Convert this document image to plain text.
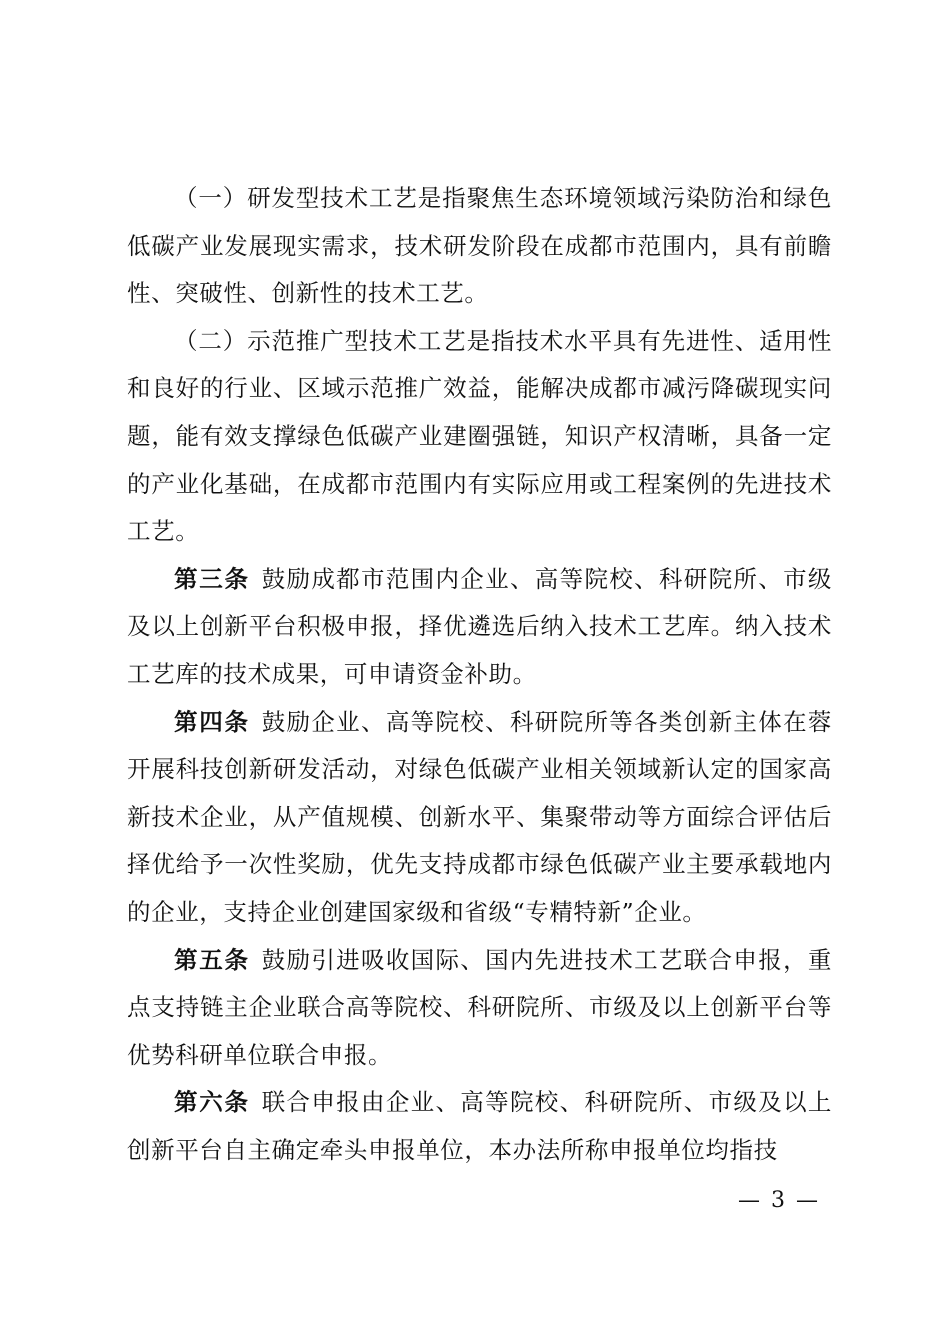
（一）研发型技术工艺是指聚焦生态环境领域污染防治和绿色低碳产业发展现实需求，技术研发阶段在成都市范围内，具有前瞻性、突破性、创新性的技术工艺。

（二）示范推广型技术工艺是指技术水平具有先进性、适用性和良好的行业、区域示范推广效益，能解决成都市减污降碳现实问题，能有效支撑绿色低碳产业建圈强链，知识产权清晰，具备一定的产业化基础，在成都市范围内有实际应用或工程案例的先进技术工艺。

第三条 鼓励成都市范围内企业、高等院校、科研院所、市级及以上创新平台积极申报，择优遴选后纳入技术工艺库。纳入技术工艺库的技术成果，可申请资金补助。

第四条 鼓励企业、高等院校、科研院所等各类创新主体在蓉开展科技创新研发活动，对绿色低碳产业相关领域新认定的国家高新技术企业，从产值规模、创新水平、集聚带动等方面综合评估后择优给予一次性奖励，优先支持成都市绿色低碳产业主要承载地内的企业，支持企业创建国家级和省级“专精特新”企业。

第五条 鼓励引进吸收国际、国内先进技术工艺联合申报，重点支持链主企业联合高等院校、科研院所、市级及以上创新平台等优势科研单位联合申报。

第六条 联合申报由企业、高等院校、科研院所、市级及以上创新平台自主确定牵头申报单位，本办法所称申报单位均指技

— 3 —
